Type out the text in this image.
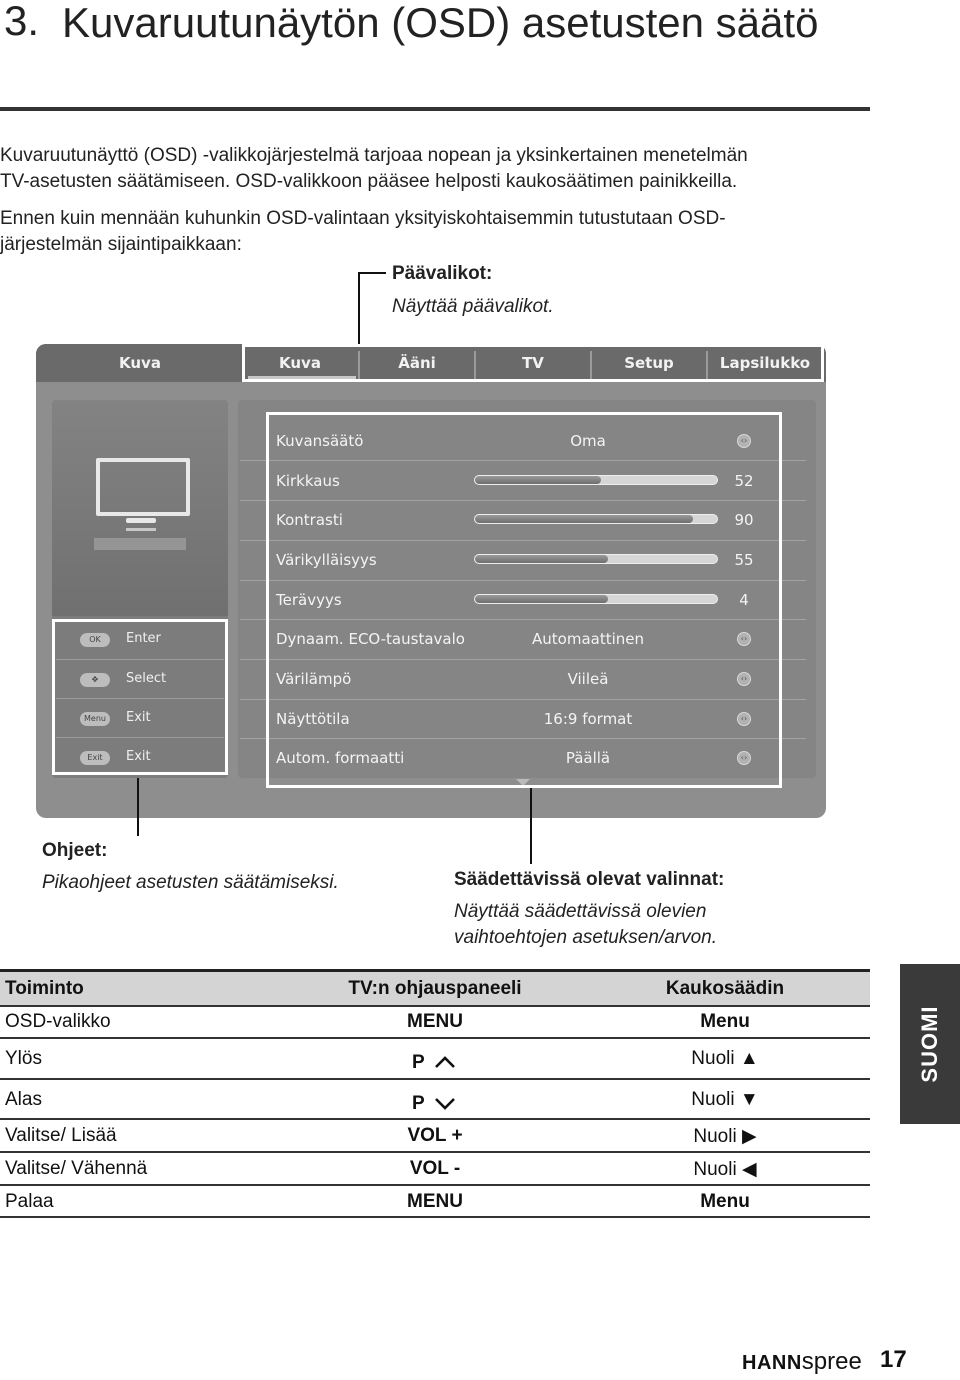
3. Kuvaruutunäytön (OSD) asetusten säätö
Kuvaruutunäyttö (OSD) -valikkojärjestelmä tarjoaa nopean ja yksinkertainen menetelmän
TV-asetusten säätämiseen. OSD-valikkoon pääsee helposti kaukosäätimen painikkeilla.
Ennen kuin mennään kuhunkin OSD-valintaan yksityiskohtaisemmin tutustutaan OSD-
järjestelmän sijaintipaikkaan:
Päävalikot:
Näyttää päävalikot.
Kuva	Kuva	Ääni	TV	Setup	Lapsilukko
OK	Enter
✥	Select
Menu	Exit
Exit	Exit
Kuvansäätö	Oma	‹›
Kirkkaus	52
Kontrasti	90
Värikylläisyys	55
Terävyys	4
Dynaam. ECO-taustavalo	Automaattinen	‹›
Värilämpö	Viileä	‹›
Näyttötila	16:9 format	‹›
Autom. formaatti	Päällä	‹›
Ohjeet:
Pikaohjeet asetusten säätämiseksi.	Säädettävissä olevat valinnat:
Näyttää säädettävissä olevien
vaihtoehtojen asetuksen/arvon.
Toiminto	TV:n ohjauspaneeli	Kaukosäädin
OSD-valikko	MENU	Menu
Ylös	P	Nuoli ▲
Alas	P	Nuoli ▼
Valitse/ Lisää	VOL +	Nuoli ▶
Valitse/ Vähennä	VOL -	Nuoli ◀
Palaa	MENU	Menu
SUOMI
HANNspree 17
